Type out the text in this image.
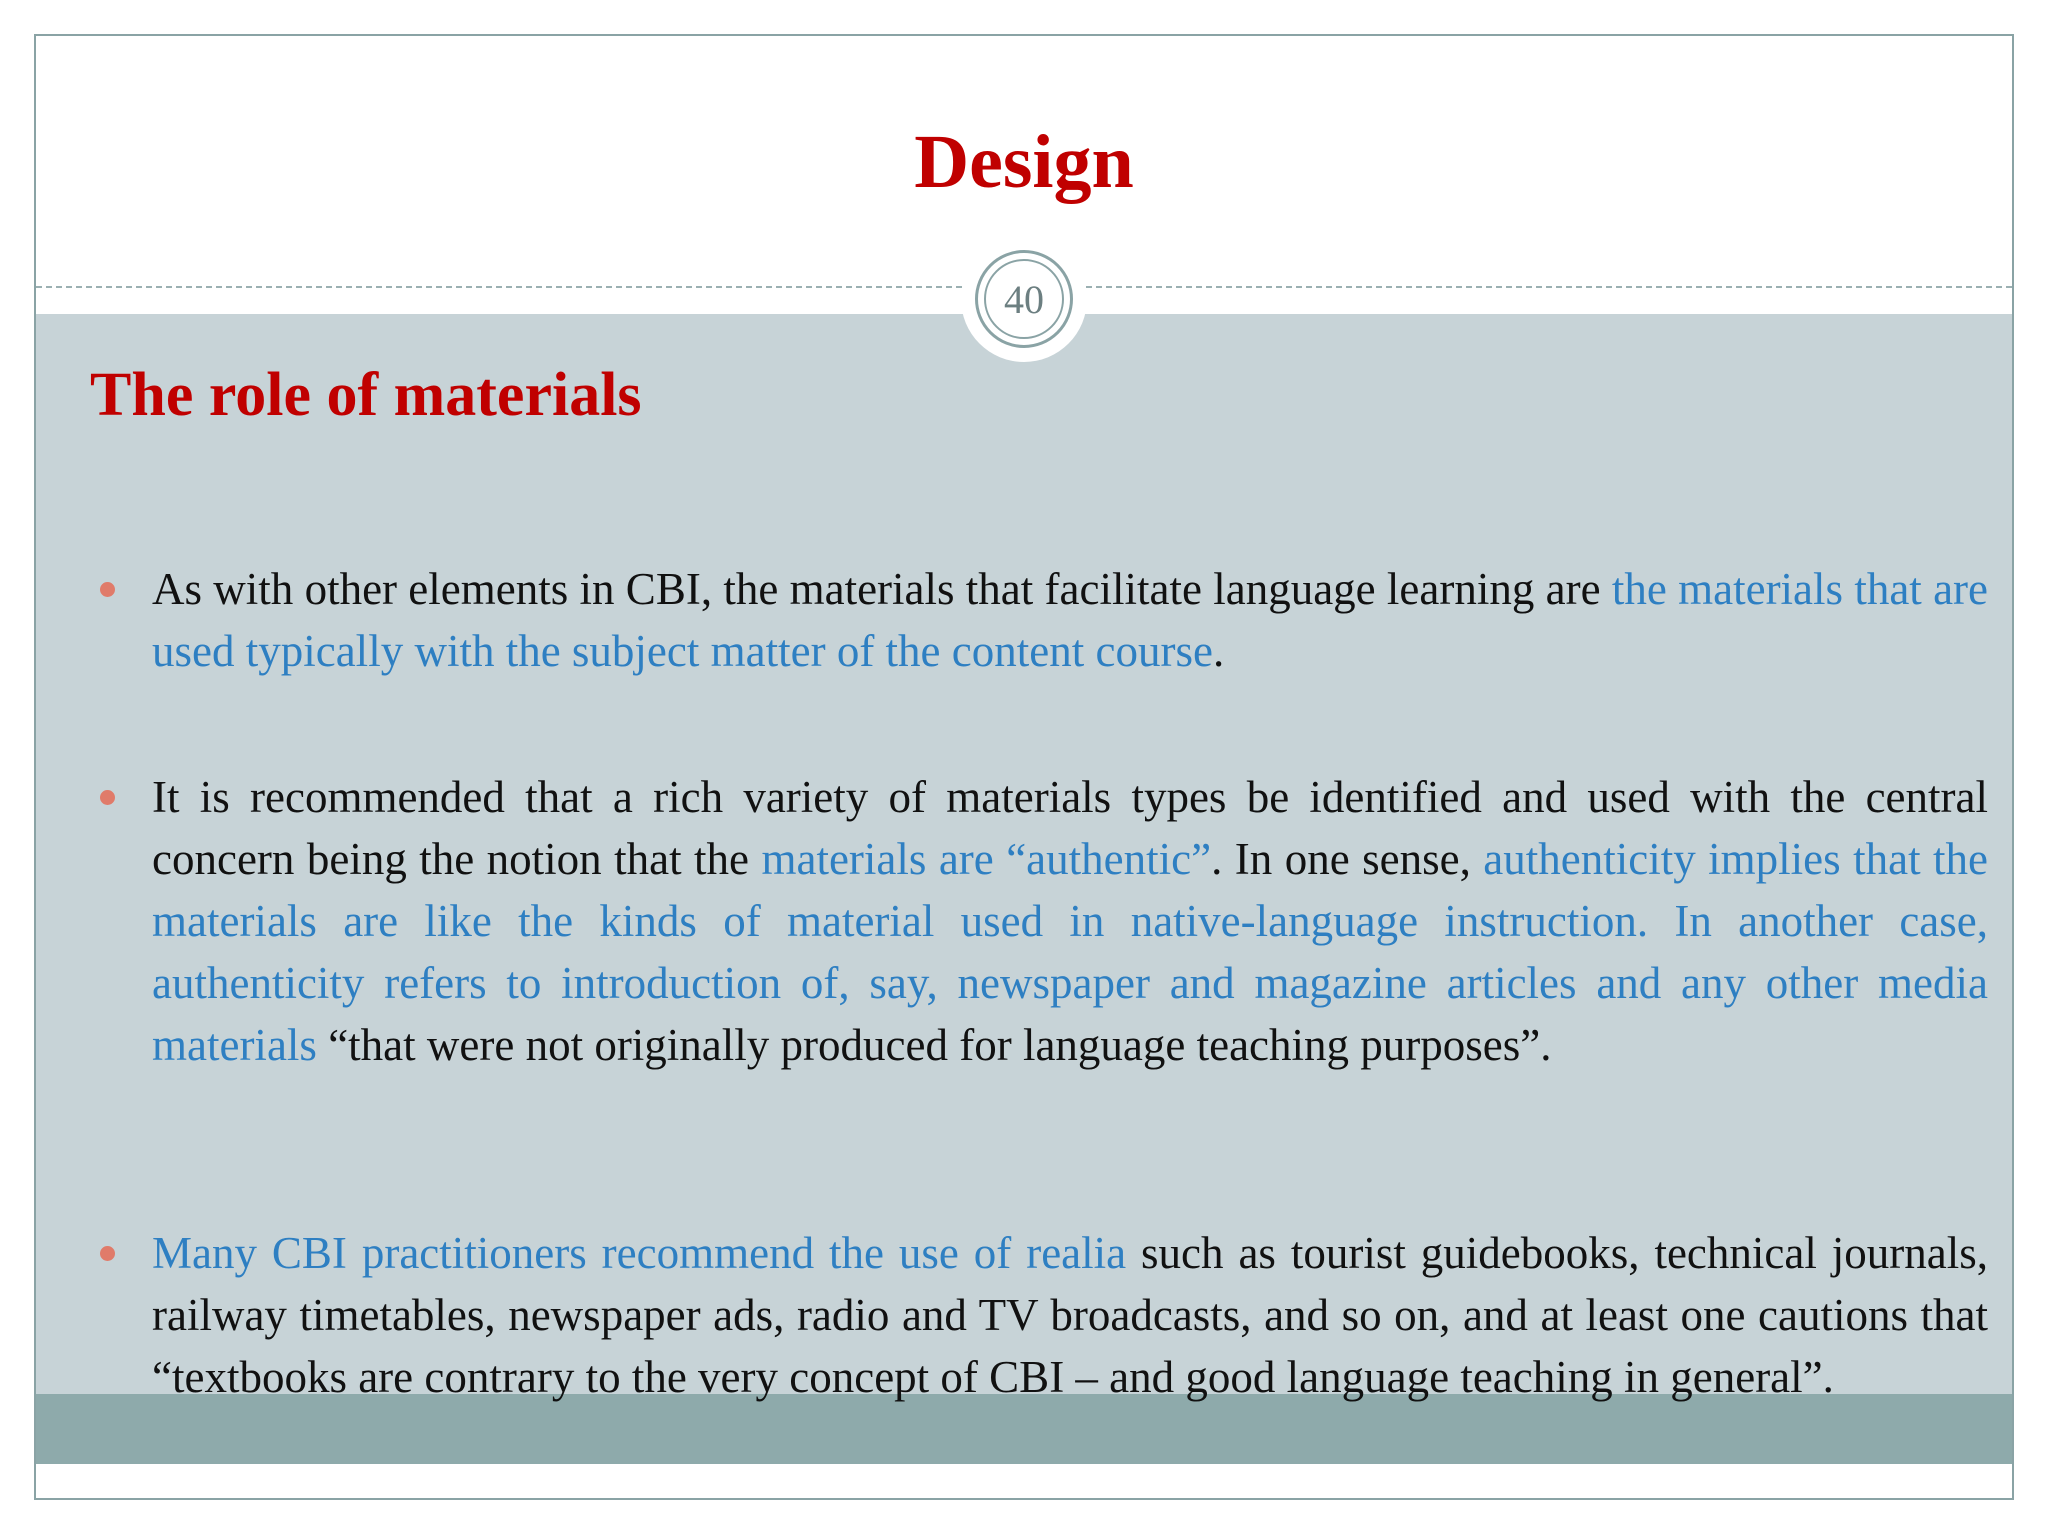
Design
40
The role of materials
As with other elements in CBI, the materials that facilitate language learning are the materials that are used typically with the subject matter of the content course.
It is recommended that a rich variety of materials types be identified and used with the central concern being the notion that the materials are “authentic”. In one sense, authenticity implies that the materials are like the kinds of material used in native-language instruction. In another case, authenticity refers to introduction of, say, newspaper and magazine articles and any other media materials “that were not originally produced for language teaching purposes”.
Many CBI practitioners recommend the use of realia such as tourist guidebooks, technical journals, railway timetables, newspaper ads, radio and TV broadcasts, and so on, and at least one cautions that “textbooks are contrary to the very concept of CBI – and good language teaching in general”.
